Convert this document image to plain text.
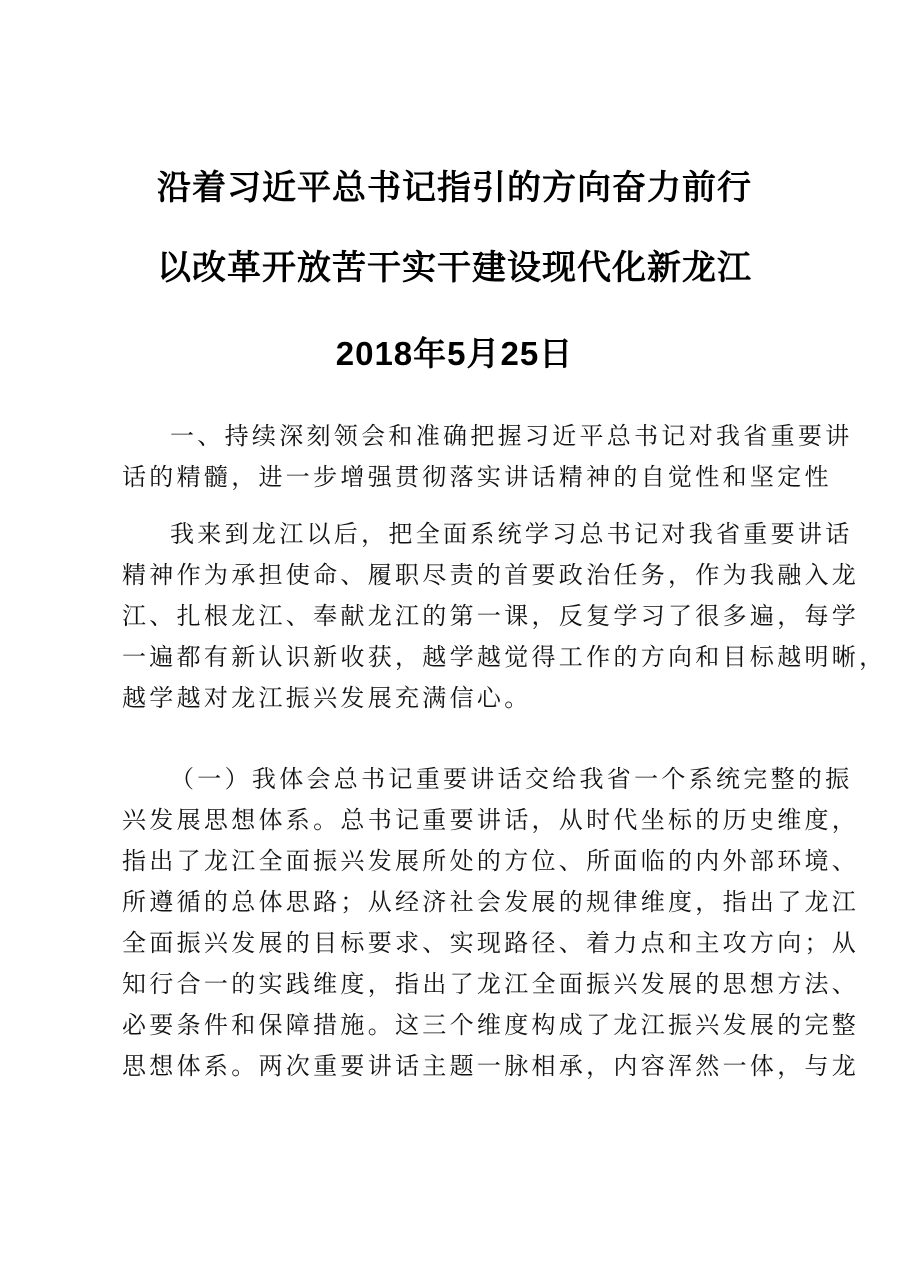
沿着习近平总书记指引的方向奋力前行
以改革开放苦干实干建设现代化新龙江
2018年5月25日
一、持续深刻领会和准确把握习近平总书记对我省重要讲
话的精髓，进一步增强贯彻落实讲话精神的自觉性和坚定性
我来到龙江以后，把全面系统学习总书记对我省重要讲话
精神作为承担使命、履职尽责的首要政治任务，作为我融入龙
江、扎根龙江、奉献龙江的第一课，反复学习了很多遍，每学
一遍都有新认识新收获，越学越觉得工作的方向和目标越明晰，
越学越对龙江振兴发展充满信心。
（一）我体会总书记重要讲话交给我省一个系统完整的振
兴发展思想体系。总书记重要讲话，从时代坐标的历史维度，
指出了龙江全面振兴发展所处的方位、所面临的内外部环境、
所遵循的总体思路；从经济社会发展的规律维度，指出了龙江
全面振兴发展的目标要求、实现路径、着力点和主攻方向；从
知行合一的实践维度，指出了龙江全面振兴发展的思想方法、
必要条件和保障措施。这三个维度构成了龙江振兴发展的完整
思想体系。两次重要讲话主题一脉相承，内容浑然一体，与龙
